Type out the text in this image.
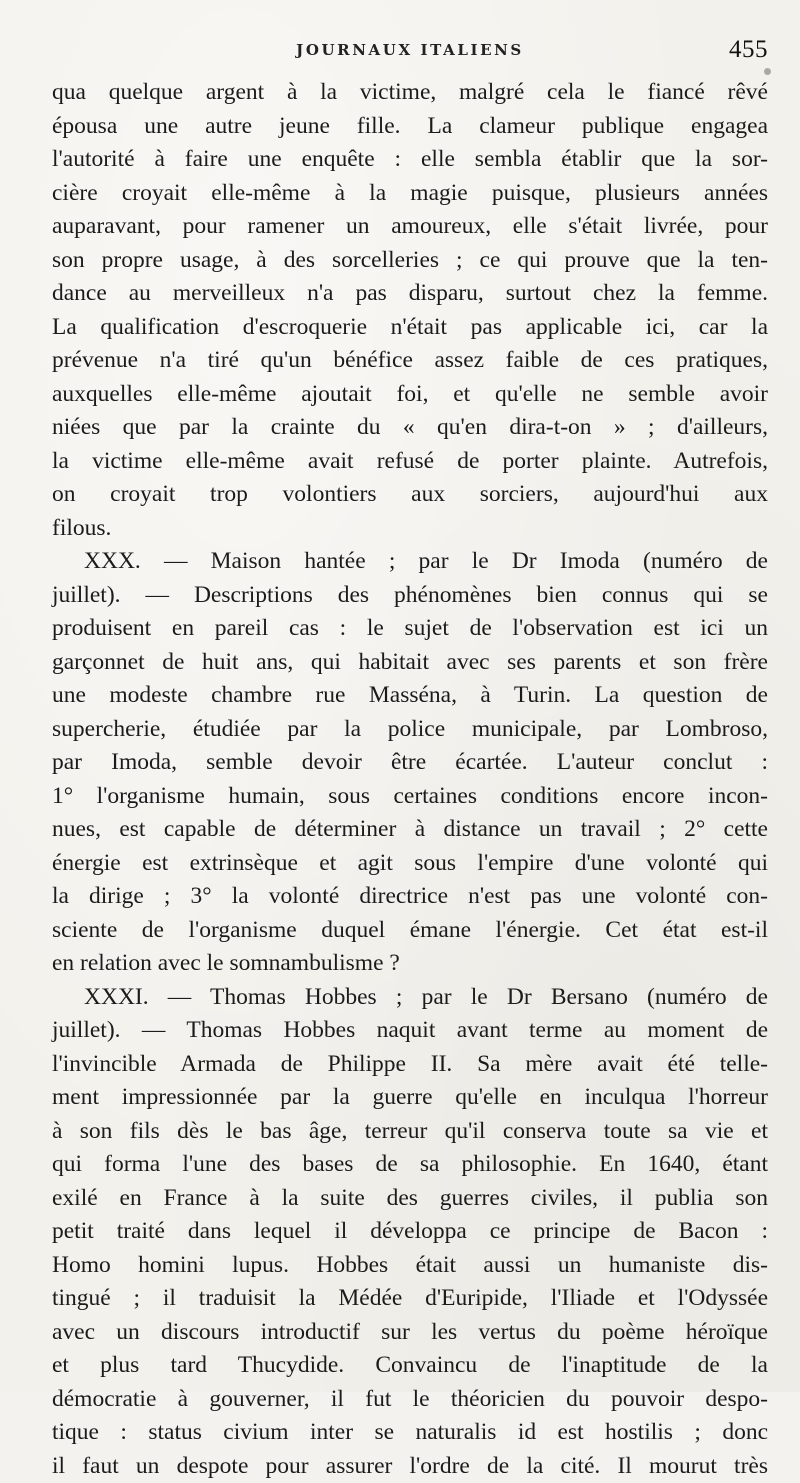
JOURNAUX ITALIENS	455
qua quelque argent à la victime, malgré cela le fiancé rêvé
épousa une autre jeune fille. La clameur publique engagea
l'autorité à faire une enquête : elle sembla établir que la sor-
cière croyait elle-même à la magie puisque, plusieurs années
auparavant, pour ramener un amoureux, elle s'était livrée, pour
son propre usage, à des sorcelleries ; ce qui prouve que la ten-
dance au merveilleux n'a pas disparu, surtout chez la femme.
La qualification d'escroquerie n'était pas applicable ici, car la
prévenue n'a tiré qu'un bénéfice assez faible de ces pratiques,
auxquelles elle-même ajoutait foi, et qu'elle ne semble avoir
niées que par la crainte du « qu'en dira-t-on » ; d'ailleurs,
la victime elle-même avait refusé de porter plainte. Autrefois,
on croyait trop volontiers aux sorciers, aujourd'hui aux
filous.
XXX. — Maison hantée ; par le Dr Imoda (numéro de
juillet). — Descriptions des phénomènes bien connus qui se
produisent en pareil cas : le sujet de l'observation est ici un
garçonnet de huit ans, qui habitait avec ses parents et son frère
une modeste chambre rue Masséna, à Turin. La question de
supercherie, étudiée par la police municipale, par Lombroso,
par Imoda, semble devoir être écartée. L'auteur conclut :
1° l'organisme humain, sous certaines conditions encore incon-
nues, est capable de déterminer à distance un travail ; 2° cette
énergie est extrinsèque et agit sous l'empire d'une volonté qui
la dirige ; 3° la volonté directrice n'est pas une volonté con-
sciente de l'organisme duquel émane l'énergie. Cet état est-il
en relation avec le somnambulisme ?
XXXI. — Thomas Hobbes ; par le Dr Bersano (numéro de
juillet). — Thomas Hobbes naquit avant terme au moment de
l'invincible Armada de Philippe II. Sa mère avait été telle-
ment impressionnée par la guerre qu'elle en inculqua l'horreur
à son fils dès le bas âge, terreur qu'il conserva toute sa vie et
qui forma l'une des bases de sa philosophie. En 1640, étant
exilé en France à la suite des guerres civiles, il publia son
petit traité dans lequel il développa ce principe de Bacon :
Homo homini lupus. Hobbes était aussi un humaniste dis-
tingué ; il traduisit la Médée d'Euripide, l'Iliade et l'Odyssée
avec un discours introductif sur les vertus du poème héroïque
et plus tard Thucydide. Convaincu de l'inaptitude de la
démocratie à gouverner, il fut le théoricien du pouvoir despo-
tique : status civium inter se naturalis id est hostilis ; donc
il faut un despote pour assurer l'ordre de la cité. Il mourut très
